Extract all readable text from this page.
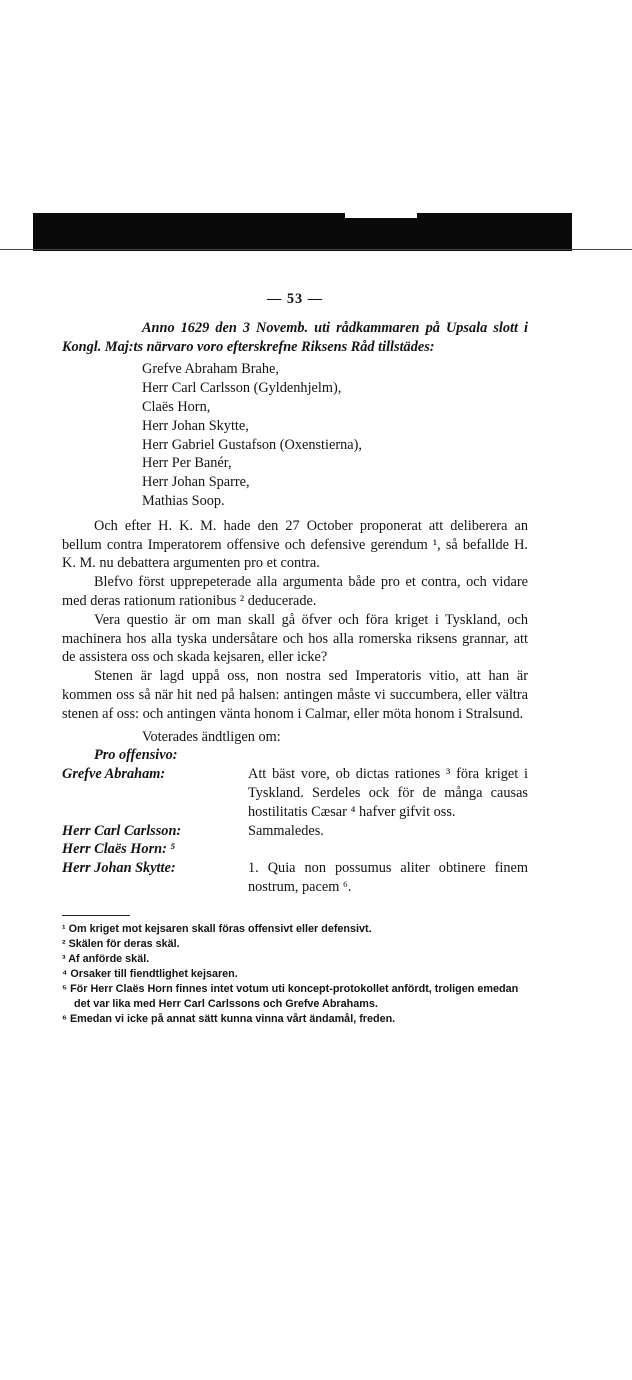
— 53 —

Anno 1629 den 3 Novemb. uti rådkammaren på Upsala slott i Kongl. Maj:ts närvaro voro efterskrefne Riksens Råd tillstädes:

Grefve Abraham Brahe,
Herr Carl Carlsson (Gyldenhjelm),
Claës Horn,
Herr Johan Skytte,
Herr Gabriel Gustafson (Oxenstierna),
Herr Per Banér,
Herr Johan Sparre,
Mathias Soop.

Och efter H. K. M. hade den 27 October proponerat att deliberera an bellum contra Imperatorem offensive och defensive gerendum ¹, så befallde H. K. M. nu debattera argumenten pro et contra.

Blefvo först upprepeterade alla argumenta både pro et contra, och vidare med deras rationum rationibus ² deducerade.

Vera questio är om man skall gå öfver och föra kriget i Tyskland, och machinera hos alla tyska undersåtare och hos alla romerska riksens grannar, att de assistera oss och skada kejsaren, eller icke?

Stenen är lagd uppå oss, non nostra sed Imperatoris vitio, att han är kommen oss så när hit ned på halsen: antingen måste vi succumbera, eller vältra stenen af oss: och antingen vänta honom i Calmar, eller möta honom i Stralsund.

Voterades ändtligen om:

Pro offensivo:

Grefve Abraham:	Att bäst vore, ob dictas rationes ³ föra kriget i Tyskland. Serdeles ock för de många causas hostilitatis Cæsar ⁴ hafver gifvit oss.
Herr Carl Carlsson:	Sammaledes.
Herr Claës Horn: ⁵
Herr Johan Skytte:	1. Quia non possumus aliter obtinere finem nostrum, pacem ⁶.
¹ Om kriget mot kejsaren skall föras offensivt eller defensivt.
² Skälen för deras skäl.
³ Af anförde skäl.
⁴ Orsaker till fiendtlighet kejsaren.
⁵ För Herr Claës Horn finnes intet votum uti koncept-protokollet anfördt, troligen emedan det var lika med Herr Carl Carlssons och Grefve Abrahams.
⁶ Emedan vi icke på annat sätt kunna vinna vårt ändamål, freden.
